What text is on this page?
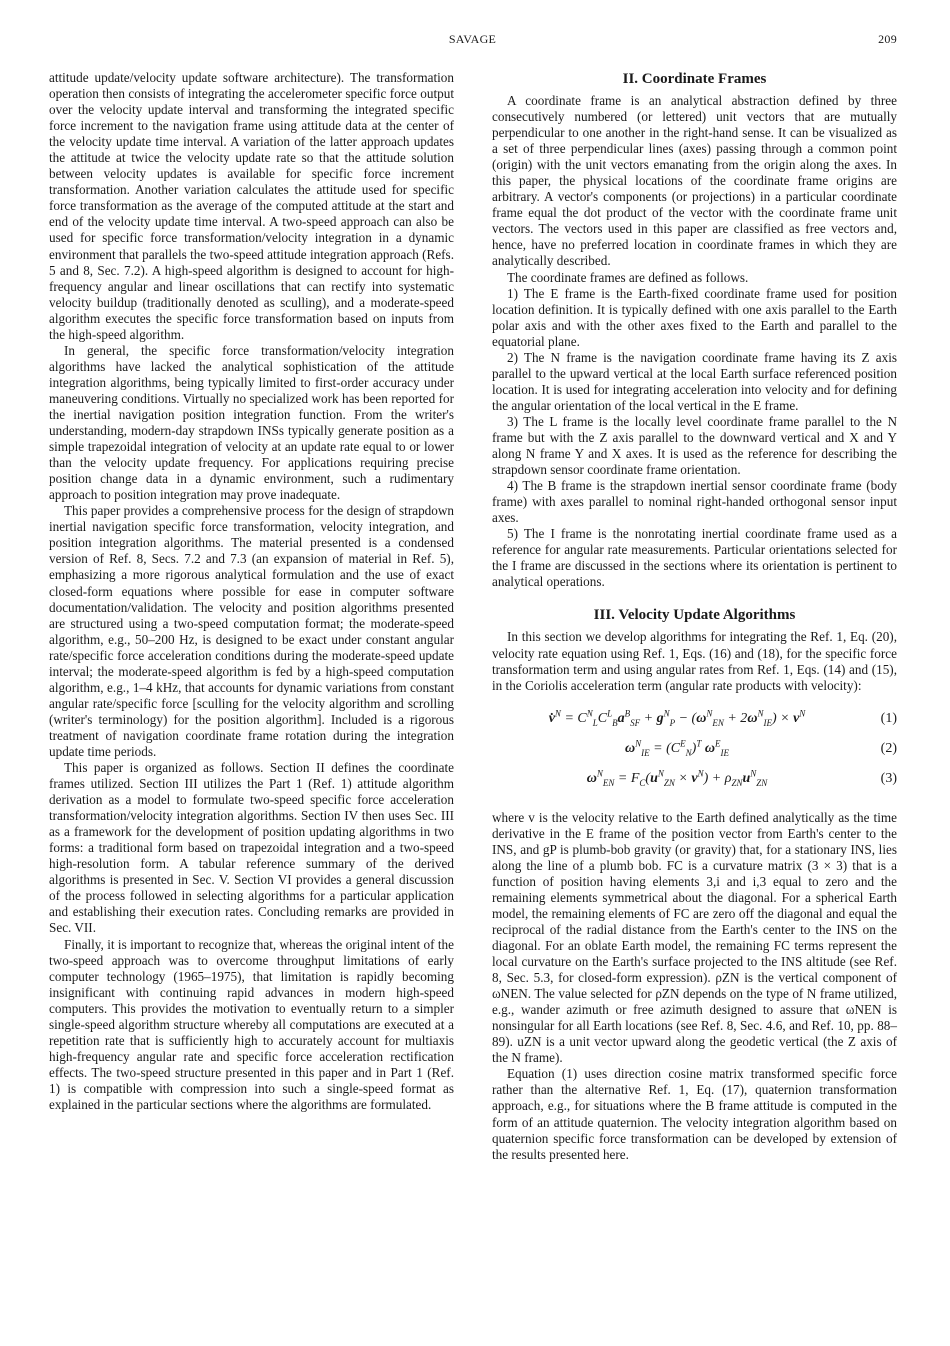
SAVAGE	209

attitude update/velocity update software architecture). The transformation operation then consists of integrating the accelerometer specific force output over the velocity update interval and transforming the integrated specific force increment to the navigation frame using attitude data at the center of the velocity update time interval. A variation of the latter approach updates the attitude at twice the velocity update rate so that the attitude solution between velocity updates is available for specific force increment transformation. Another variation calculates the attitude used for specific force transformation as the average of the computed attitude at the start and end of the velocity update time interval. A two-speed approach can also be used for specific force transformation/velocity integration in a dynamic environment that parallels the two-speed attitude integration approach (Refs. 5 and 8, Sec. 7.2). A high-speed algorithm is designed to account for high-frequency angular and linear oscillations that can rectify into systematic velocity buildup (traditionally denoted as sculling), and a moderate-speed algorithm executes the specific force transformation based on inputs from the high-speed algorithm.

In general, the specific force transformation/velocity integration algorithms have lacked the analytical sophistication of the attitude integration algorithms, being typically limited to first-order accuracy under maneuvering conditions. Virtually no specialized work has been reported for the inertial navigation position integration function. From the writer's understanding, modern-day strapdown INSs typically generate position as a simple trapezoidal integration of velocity at an update rate equal to or lower than the velocity update frequency. For applications requiring precise position change data in a dynamic environment, such a rudimentary approach to position integration may prove inadequate.

This paper provides a comprehensive process for the design of strapdown inertial navigation specific force transformation, velocity integration, and position integration algorithms. The material presented is a condensed version of Ref. 8, Secs. 7.2 and 7.3 (an expansion of material in Ref. 5), emphasizing a more rigorous analytical formulation and the use of exact closed-form equations where possible for ease in computer software documentation/validation. The velocity and position algorithms presented are structured using a two-speed computation format; the moderate-speed algorithm, e.g., 50–200 Hz, is designed to be exact under constant angular rate/specific force acceleration conditions during the moderate-speed update interval; the moderate-speed algorithm is fed by a high-speed computation algorithm, e.g., 1–4 kHz, that accounts for dynamic variations from constant angular rate/specific force [sculling for the velocity algorithm and scrolling (writer's terminology) for the position algorithm]. Included is a rigorous treatment of navigation coordinate frame rotation during the integration update time periods.

This paper is organized as follows. Section II defines the coordinate frames utilized. Section III utilizes the Part 1 (Ref. 1) attitude algorithm derivation as a model to formulate two-speed specific force acceleration transformation/velocity integration algorithms. Section IV then uses Sec. III as a framework for the development of position updating algorithms in two forms: a traditional form based on trapezoidal integration and a two-speed high-resolution form. A tabular reference summary of the derived algorithms is presented in Sec. V. Section VI provides a general discussion of the process followed in selecting algorithms for a particular application and establishing their execution rates. Concluding remarks are provided in Sec. VII.

Finally, it is important to recognize that, whereas the original intent of the two-speed approach was to overcome throughput limitations of early computer technology (1965–1975), that limitation is rapidly becoming insignificant with continuing rapid advances in modern high-speed computers. This provides the motivation to eventually return to a simpler single-speed algorithm structure whereby all computations are executed at a repetition rate that is sufficiently high to accurately account for multiaxis high-frequency angular rate and specific force acceleration rectification effects. The two-speed structure presented in this paper and in Part 1 (Ref. 1) is compatible with compression into such a single-speed format as explained in the particular sections where the algorithms are formulated.

II. Coordinate Frames

A coordinate frame is an analytical abstraction defined by three consecutively numbered (or lettered) unit vectors that are mutually perpendicular to one another in the right-hand sense. It can be visualized as a set of three perpendicular lines (axes) passing through a common point (origin) with the unit vectors emanating from the origin along the axes. In this paper, the physical locations of the coordinate frame origins are arbitrary. A vector's components (or projections) in a particular coordinate frame equal the dot product of the vector with the coordinate frame unit vectors. The vectors used in this paper are classified as free vectors and, hence, have no preferred location in coordinate frames in which they are analytically described.

The coordinate frames are defined as follows.

1) The E frame is the Earth-fixed coordinate frame used for position location definition. It is typically defined with one axis parallel to the Earth polar axis and with the other axes fixed to the Earth and parallel to the equatorial plane.

2) The N frame is the navigation coordinate frame having its Z axis parallel to the upward vertical at the local Earth surface referenced position location. It is used for integrating acceleration into velocity and for defining the angular orientation of the local vertical in the E frame.

3) The L frame is the locally level coordinate frame parallel to the N frame but with the Z axis parallel to the downward vertical and X and Y along N frame Y and X axes. It is used as the reference for describing the strapdown sensor coordinate frame orientation.

4) The B frame is the strapdown inertial sensor coordinate frame (body frame) with axes parallel to nominal right-handed orthogonal sensor input axes.

5) The I frame is the nonrotating inertial coordinate frame used as a reference for angular rate measurements. Particular orientations selected for the I frame are discussed in the sections where its orientation is pertinent to analytical operations.

III. Velocity Update Algorithms

In this section we develop algorithms for integrating the Ref. 1, Eq. (20), velocity rate equation using Ref. 1, Eqs. (16) and (18), for the specific force transformation term and using angular rates from Ref. 1, Eqs. (14) and (15), in the Coriolis acceleration term (angular rate products with velocity):

v̇$^N$ = $C^N_LC^L_Ba^B_{SF} + g^N_P - (\omega^N_{EN} + 2\omega^N_{IE}) \times v^N$	(1)
$\omega^N_{IE} = (C^E_N)^T$ $\omega^E_{IE}$	(2)
$\omega^N_{EN} = F_C(u^N_{ZN} \times v^N) + \rho_{ZN}u^N_{ZN}$	(3)

where v is the velocity relative to the Earth defined analytically as the time derivative in the E frame of the position vector from Earth's center to the INS, and gP is plumb-bob gravity (or gravity) that, for a stationary INS, lies along the line of a plumb bob. FC is a curvature matrix (3 × 3) that is a function of position having elements 3,i and i,3 equal to zero and the remaining elements symmetrical about the diagonal. For a spherical Earth model, the remaining elements of FC are zero off the diagonal and equal the reciprocal of the radial distance from the Earth's center to the INS on the diagonal. For an oblate Earth model, the remaining FC terms represent the local curvature on the Earth's surface projected to the INS altitude (see Ref. 8, Sec. 5.3, for closed-form expression). ρZN is the vertical component of ωNEN. The value selected for ρZN depends on the type of N frame utilized, e.g., wander azimuth or free azimuth designed to assure that ωNEN is nonsingular for all Earth locations (see Ref. 8, Sec. 4.6, and Ref. 10, pp. 88–89). uZN is a unit vector upward along the geodetic vertical (the Z axis of the N frame).

Equation (1) uses direction cosine matrix transformed specific force rather than the alternative Ref. 1, Eq. (17), quaternion transformation approach, e.g., for situations where the B frame attitude is computed in the form of an attitude quaternion. The velocity integration algorithm based on quaternion specific force transformation can be developed by extension of the results presented here.
